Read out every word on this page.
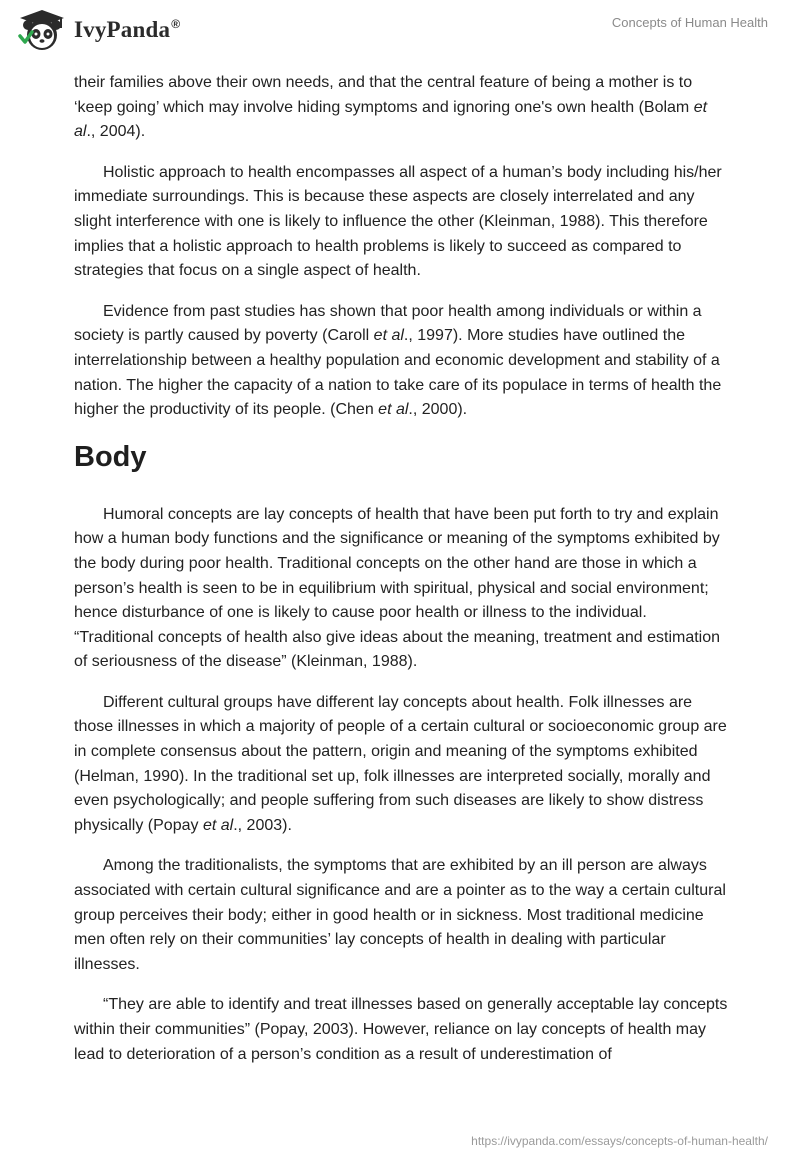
IvyPanda®	Concepts of Human Health

their families above their own needs, and that the central feature of being a mother is to ‘keep going’ which may involve hiding symptoms and ignoring one's own health (Bolam et al., 2004).

Holistic approach to health encompasses all aspect of a human’s body including his/her immediate surroundings. This is because these aspects are closely interrelated and any slight interference with one is likely to influence the other (Kleinman, 1988). This therefore implies that a holistic approach to health problems is likely to succeed as compared to strategies that focus on a single aspect of health.

Evidence from past studies has shown that poor health among individuals or within a society is partly caused by poverty (Caroll et al., 1997). More studies have outlined the interrelationship between a healthy population and economic development and stability of a nation. The higher the capacity of a nation to take care of its populace in terms of health the higher the productivity of its people. (Chen et al., 2000).

Body

Humoral concepts are lay concepts of health that have been put forth to try and explain how a human body functions and the significance or meaning of the symptoms exhibited by the body during poor health. Traditional concepts on the other hand are those in which a person’s health is seen to be in equilibrium with spiritual, physical and social environment; hence disturbance of one is likely to cause poor health or illness to the individual. “Traditional concepts of health also give ideas about the meaning, treatment and estimation of seriousness of the disease” (Kleinman, 1988).

Different cultural groups have different lay concepts about health. Folk illnesses are those illnesses in which a majority of people of a certain cultural or socioeconomic group are in complete consensus about the pattern, origin and meaning of the symptoms exhibited (Helman, 1990). In the traditional set up, folk illnesses are interpreted socially, morally and even psychologically; and people suffering from such diseases are likely to show distress physically (Popay et al., 2003).

Among the traditionalists, the symptoms that are exhibited by an ill person are always associated with certain cultural significance and are a pointer as to the way a certain cultural group perceives their body; either in good health or in sickness. Most traditional medicine men often rely on their communities’ lay concepts of health in dealing with particular illnesses.

“They are able to identify and treat illnesses based on generally acceptable lay concepts within their communities” (Popay, 2003). However, reliance on lay concepts of health may lead to deterioration of a person’s condition as a result of underestimation of

https://ivypanda.com/essays/concepts-of-human-health/
